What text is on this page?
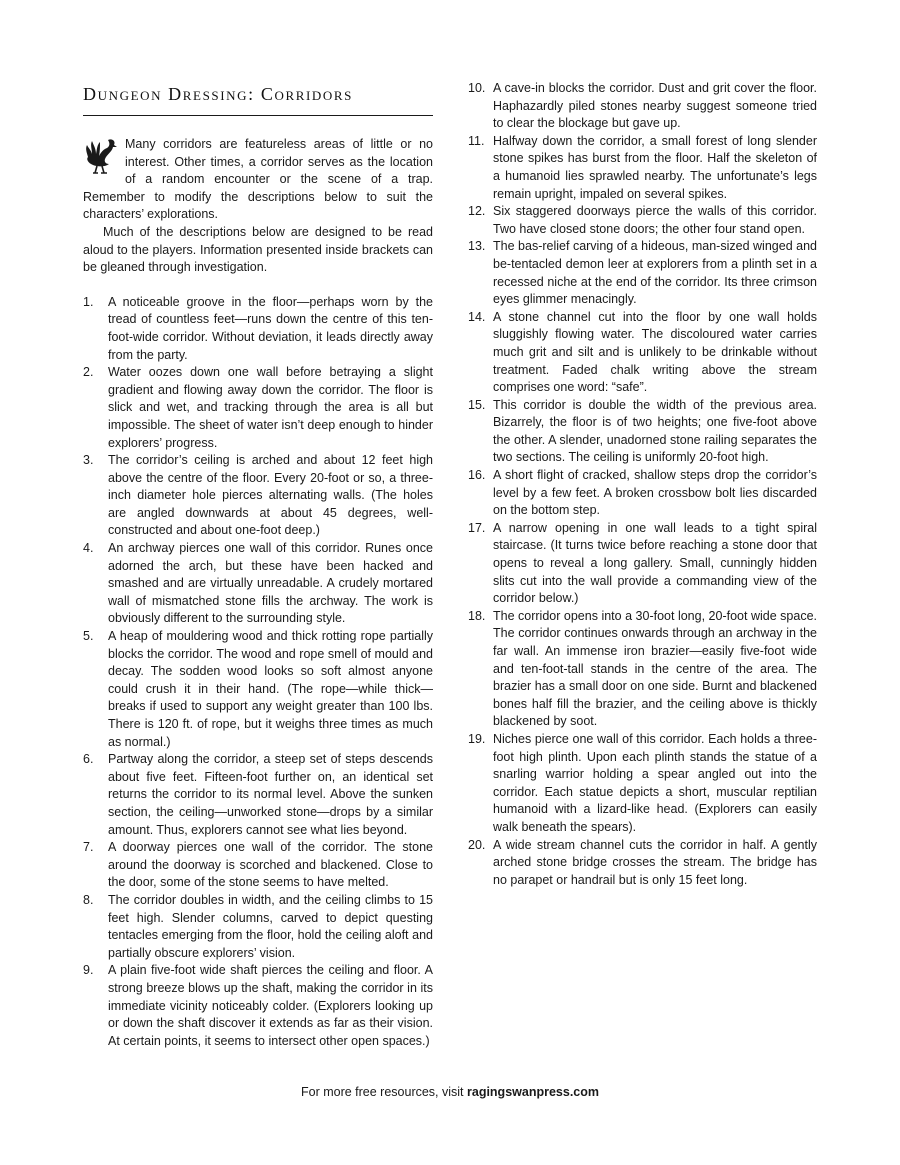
Dungeon Dressing: Corridors

Many corridors are featureless areas of little or no interest. Other times, a corridor serves as the location of a random encounter or the scene of a trap. Remember to modify the descriptions below to suit the characters’ explorations.

Much of the descriptions below are designed to be read aloud to the players. Information presented inside brackets can be gleaned through investigation.

1. A noticeable groove in the floor—perhaps worn by the tread of countless feet—runs down the centre of this ten-foot-wide corridor. Without deviation, it leads directly away from the party.
2. Water oozes down one wall before betraying a slight gradient and flowing away down the corridor. The floor is slick and wet, and tracking through the area is all but impossible. The sheet of water isn’t deep enough to hinder explorers’ progress.
3. The corridor’s ceiling is arched and about 12 feet high above the centre of the floor. Every 20-foot or so, a three-inch diameter hole pierces alternating walls. (The holes are angled downwards at about 45 degrees, well-constructed and about one-foot deep.)
4. An archway pierces one wall of this corridor. Runes once adorned the arch, but these have been hacked and smashed and are virtually unreadable. A crudely mortared wall of mismatched stone fills the archway. The work is obviously different to the surrounding style.
5. A heap of mouldering wood and thick rotting rope partially blocks the corridor. The wood and rope smell of mould and decay. The sodden wood looks so soft almost anyone could crush it in their hand. (The rope—while thick—breaks if used to support any weight greater than 100 lbs. There is 120 ft. of rope, but it weighs three times as much as normal.)
6. Partway along the corridor, a steep set of steps descends about five feet. Fifteen-foot further on, an identical set returns the corridor to its normal level. Above the sunken section, the ceiling—unworked stone—drops by a similar amount. Thus, explorers cannot see what lies beyond.
7. A doorway pierces one wall of the corridor. The stone around the doorway is scorched and blackened. Close to the door, some of the stone seems to have melted.
8. The corridor doubles in width, and the ceiling climbs to 15 feet high. Slender columns, carved to depict questing tentacles emerging from the floor, hold the ceiling aloft and partially obscure explorers’ vision.
9. A plain five-foot wide shaft pierces the ceiling and floor. A strong breeze blows up the shaft, making the corridor in its immediate vicinity noticeably colder. (Explorers looking up or down the shaft discover it extends as far as their vision. At certain points, it seems to intersect other open spaces.)
10. A cave-in blocks the corridor. Dust and grit cover the floor. Haphazardly piled stones nearby suggest someone tried to clear the blockage but gave up.
11. Halfway down the corridor, a small forest of long slender stone spikes has burst from the floor. Half the skeleton of a humanoid lies sprawled nearby. The unfortunate’s legs remain upright, impaled on several spikes.
12. Six staggered doorways pierce the walls of this corridor. Two have closed stone doors; the other four stand open.
13. The bas-relief carving of a hideous, man-sized winged and be-tentacled demon leer at explorers from a plinth set in a recessed niche at the end of the corridor. Its three crimson eyes glimmer menacingly.
14. A stone channel cut into the floor by one wall holds sluggishly flowing water. The discoloured water carries much grit and silt and is unlikely to be drinkable without treatment. Faded chalk writing above the stream comprises one word: “safe”.
15. This corridor is double the width of the previous area. Bizarrely, the floor is of two heights; one five-foot above the other. A slender, unadorned stone railing separates the two sections. The ceiling is uniformly 20-foot high.
16. A short flight of cracked, shallow steps drop the corridor’s level by a few feet. A broken crossbow bolt lies discarded on the bottom step.
17. A narrow opening in one wall leads to a tight spiral staircase. (It turns twice before reaching a stone door that opens to reveal a long gallery. Small, cunningly hidden slits cut into the wall provide a commanding view of the corridor below.)
18. The corridor opens into a 30-foot long, 20-foot wide space. The corridor continues onwards through an archway in the far wall. An immense iron brazier—easily five-foot wide and ten-foot-tall stands in the centre of the area. The brazier has a small door on one side. Burnt and blackened bones half fill the brazier, and the ceiling above is thickly blackened by soot.
19. Niches pierce one wall of this corridor. Each holds a three-foot high plinth. Upon each plinth stands the statue of a snarling warrior holding a spear angled out into the corridor. Each statue depicts a short, muscular reptilian humanoid with a lizard-like head. (Explorers can easily walk beneath the spears).
20. A wide stream channel cuts the corridor in half. A gently arched stone bridge crosses the stream. The bridge has no parapet or handrail but is only 15 feet long.
For more free resources, visit ragingswanpress.com
